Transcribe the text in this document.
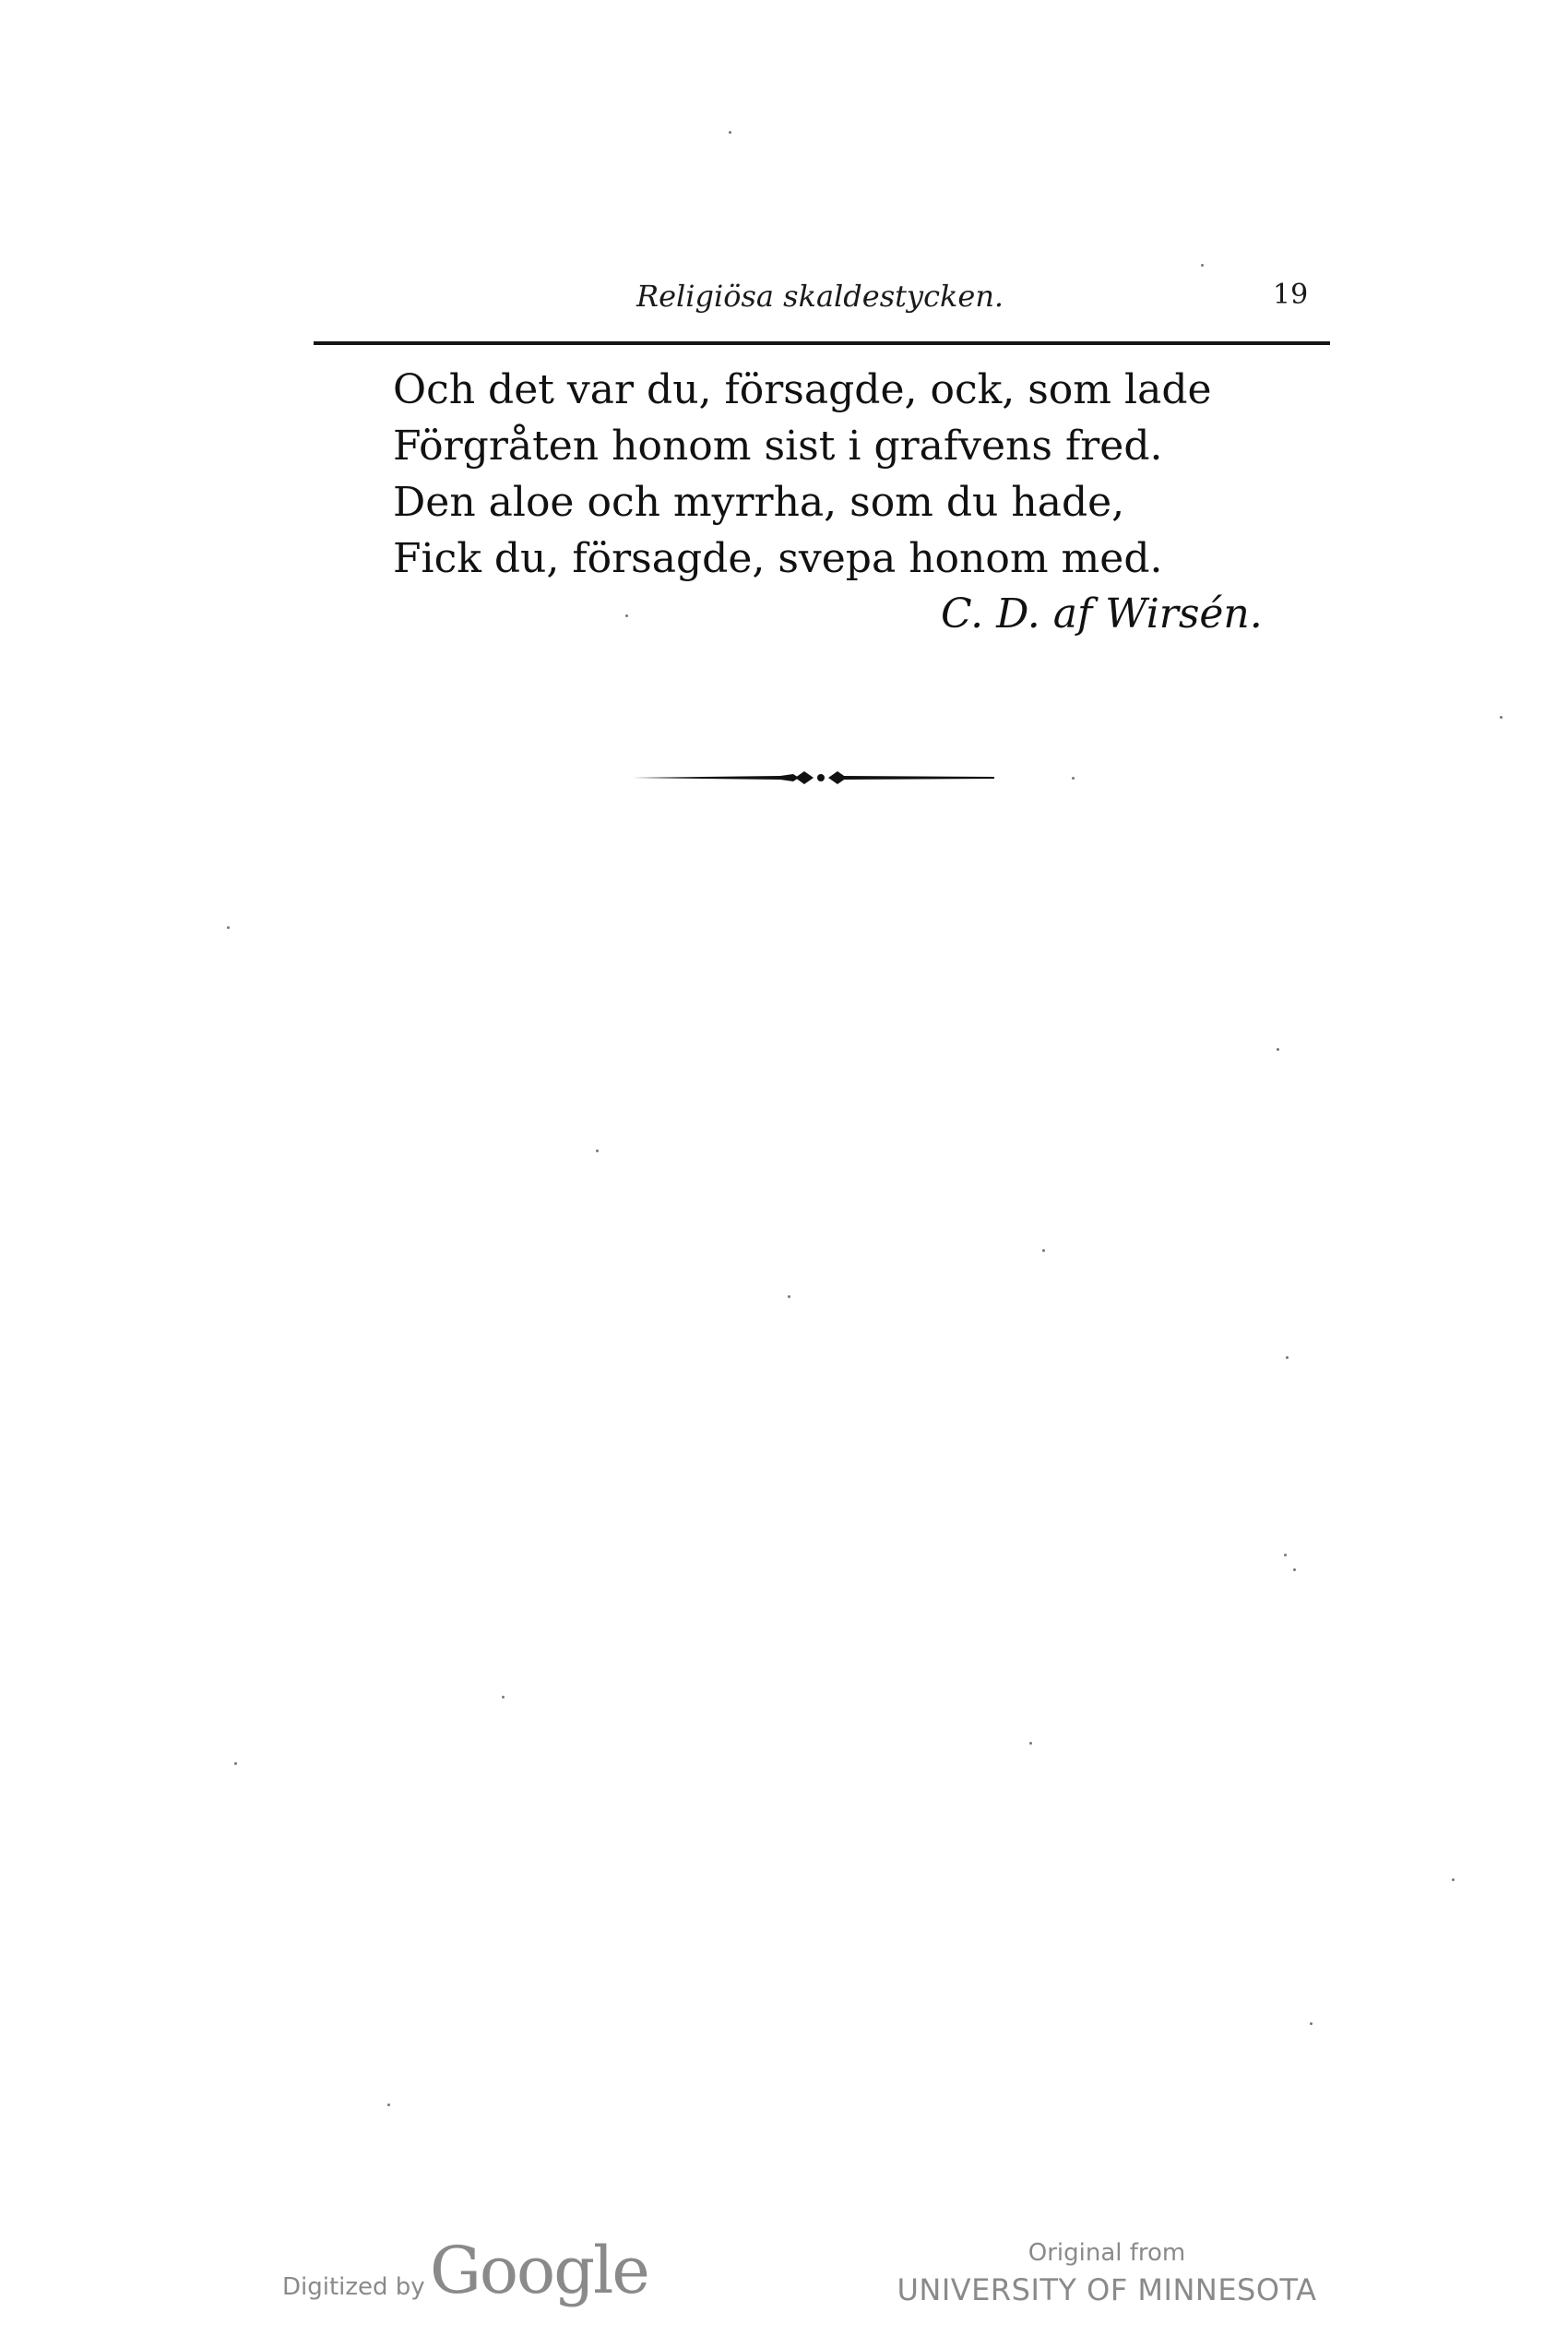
Religiösa skaldestycken.	19
Och det var du, försagde, ock, som lade
Förgråten honom sist i grafvens fred.
Den aloe och myrrha, som du hade,
Fick du, försagde, svepa honom med.
C. D. af Wirsén.
Digitized by Google	Original from
UNIVERSITY OF MINNESOTA
